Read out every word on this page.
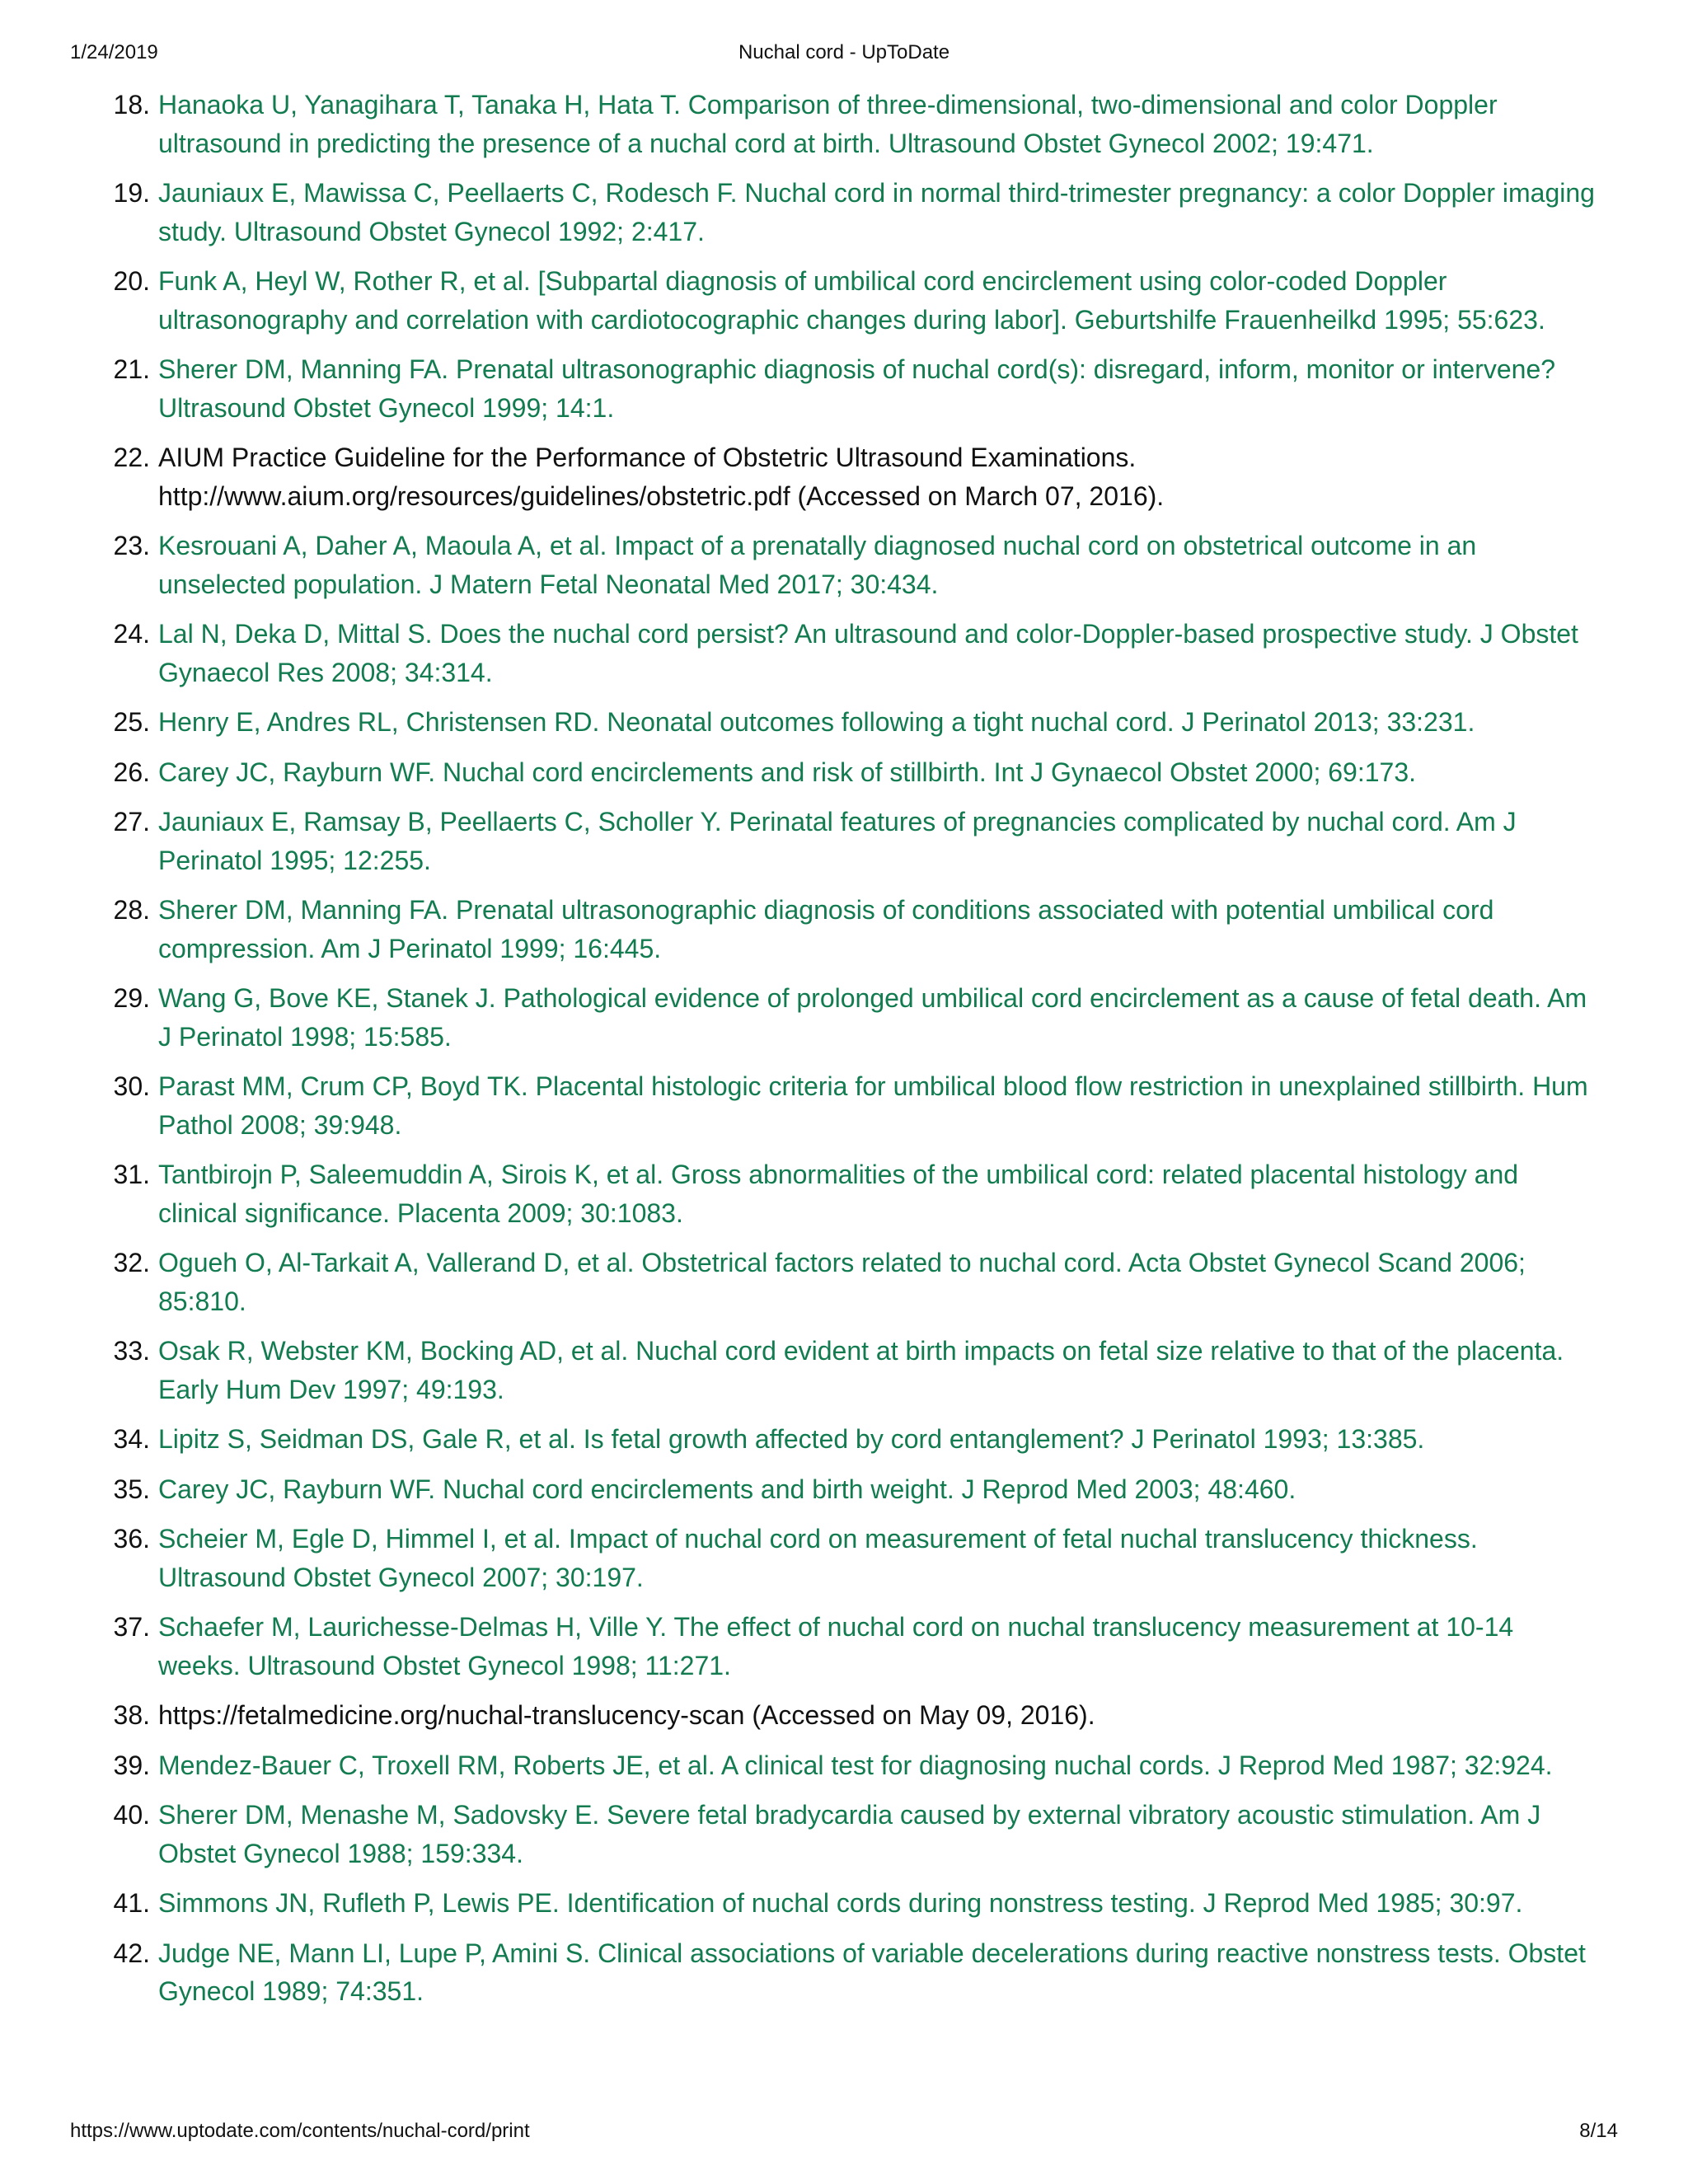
1/24/2019	Nuchal cord - UpToDate
18. Hanaoka U, Yanagihara T, Tanaka H, Hata T. Comparison of three-dimensional, two-dimensional and color Doppler ultrasound in predicting the presence of a nuchal cord at birth. Ultrasound Obstet Gynecol 2002; 19:471.
19. Jauniaux E, Mawissa C, Peellaerts C, Rodesch F. Nuchal cord in normal third-trimester pregnancy: a color Doppler imaging study. Ultrasound Obstet Gynecol 1992; 2:417.
20. Funk A, Heyl W, Rother R, et al. [Subpartal diagnosis of umbilical cord encirclement using color-coded Doppler ultrasonography and correlation with cardiotocographic changes during labor]. Geburtshilfe Frauenheilkd 1995; 55:623.
21. Sherer DM, Manning FA. Prenatal ultrasonographic diagnosis of nuchal cord(s): disregard, inform, monitor or intervene? Ultrasound Obstet Gynecol 1999; 14:1.
22. AIUM Practice Guideline for the Performance of Obstetric Ultrasound Examinations. http://www.aium.org/resources/guidelines/obstetric.pdf (Accessed on March 07, 2016).
23. Kesrouani A, Daher A, Maoula A, et al. Impact of a prenatally diagnosed nuchal cord on obstetrical outcome in an unselected population. J Matern Fetal Neonatal Med 2017; 30:434.
24. Lal N, Deka D, Mittal S. Does the nuchal cord persist? An ultrasound and color-Doppler-based prospective study. J Obstet Gynaecol Res 2008; 34:314.
25. Henry E, Andres RL, Christensen RD. Neonatal outcomes following a tight nuchal cord. J Perinatol 2013; 33:231.
26. Carey JC, Rayburn WF. Nuchal cord encirclements and risk of stillbirth. Int J Gynaecol Obstet 2000; 69:173.
27. Jauniaux E, Ramsay B, Peellaerts C, Scholler Y. Perinatal features of pregnancies complicated by nuchal cord. Am J Perinatol 1995; 12:255.
28. Sherer DM, Manning FA. Prenatal ultrasonographic diagnosis of conditions associated with potential umbilical cord compression. Am J Perinatol 1999; 16:445.
29. Wang G, Bove KE, Stanek J. Pathological evidence of prolonged umbilical cord encirclement as a cause of fetal death. Am J Perinatol 1998; 15:585.
30. Parast MM, Crum CP, Boyd TK. Placental histologic criteria for umbilical blood flow restriction in unexplained stillbirth. Hum Pathol 2008; 39:948.
31. Tantbirojn P, Saleemuddin A, Sirois K, et al. Gross abnormalities of the umbilical cord: related placental histology and clinical significance. Placenta 2009; 30:1083.
32. Ogueh O, Al-Tarkait A, Vallerand D, et al. Obstetrical factors related to nuchal cord. Acta Obstet Gynecol Scand 2006; 85:810.
33. Osak R, Webster KM, Bocking AD, et al. Nuchal cord evident at birth impacts on fetal size relative to that of the placenta. Early Hum Dev 1997; 49:193.
34. Lipitz S, Seidman DS, Gale R, et al. Is fetal growth affected by cord entanglement? J Perinatol 1993; 13:385.
35. Carey JC, Rayburn WF. Nuchal cord encirclements and birth weight. J Reprod Med 2003; 48:460.
36. Scheier M, Egle D, Himmel I, et al. Impact of nuchal cord on measurement of fetal nuchal translucency thickness. Ultrasound Obstet Gynecol 2007; 30:197.
37. Schaefer M, Laurichesse-Delmas H, Ville Y. The effect of nuchal cord on nuchal translucency measurement at 10-14 weeks. Ultrasound Obstet Gynecol 1998; 11:271.
38. https://fetalmedicine.org/nuchal-translucency-scan (Accessed on May 09, 2016).
39. Mendez-Bauer C, Troxell RM, Roberts JE, et al. A clinical test for diagnosing nuchal cords. J Reprod Med 1987; 32:924.
40. Sherer DM, Menashe M, Sadovsky E. Severe fetal bradycardia caused by external vibratory acoustic stimulation. Am J Obstet Gynecol 1988; 159:334.
41. Simmons JN, Rufleth P, Lewis PE. Identification of nuchal cords during nonstress testing. J Reprod Med 1985; 30:97.
42. Judge NE, Mann LI, Lupe P, Amini S. Clinical associations of variable decelerations during reactive nonstress tests. Obstet Gynecol 1989; 74:351.
https://www.uptodate.com/contents/nuchal-cord/print	8/14
